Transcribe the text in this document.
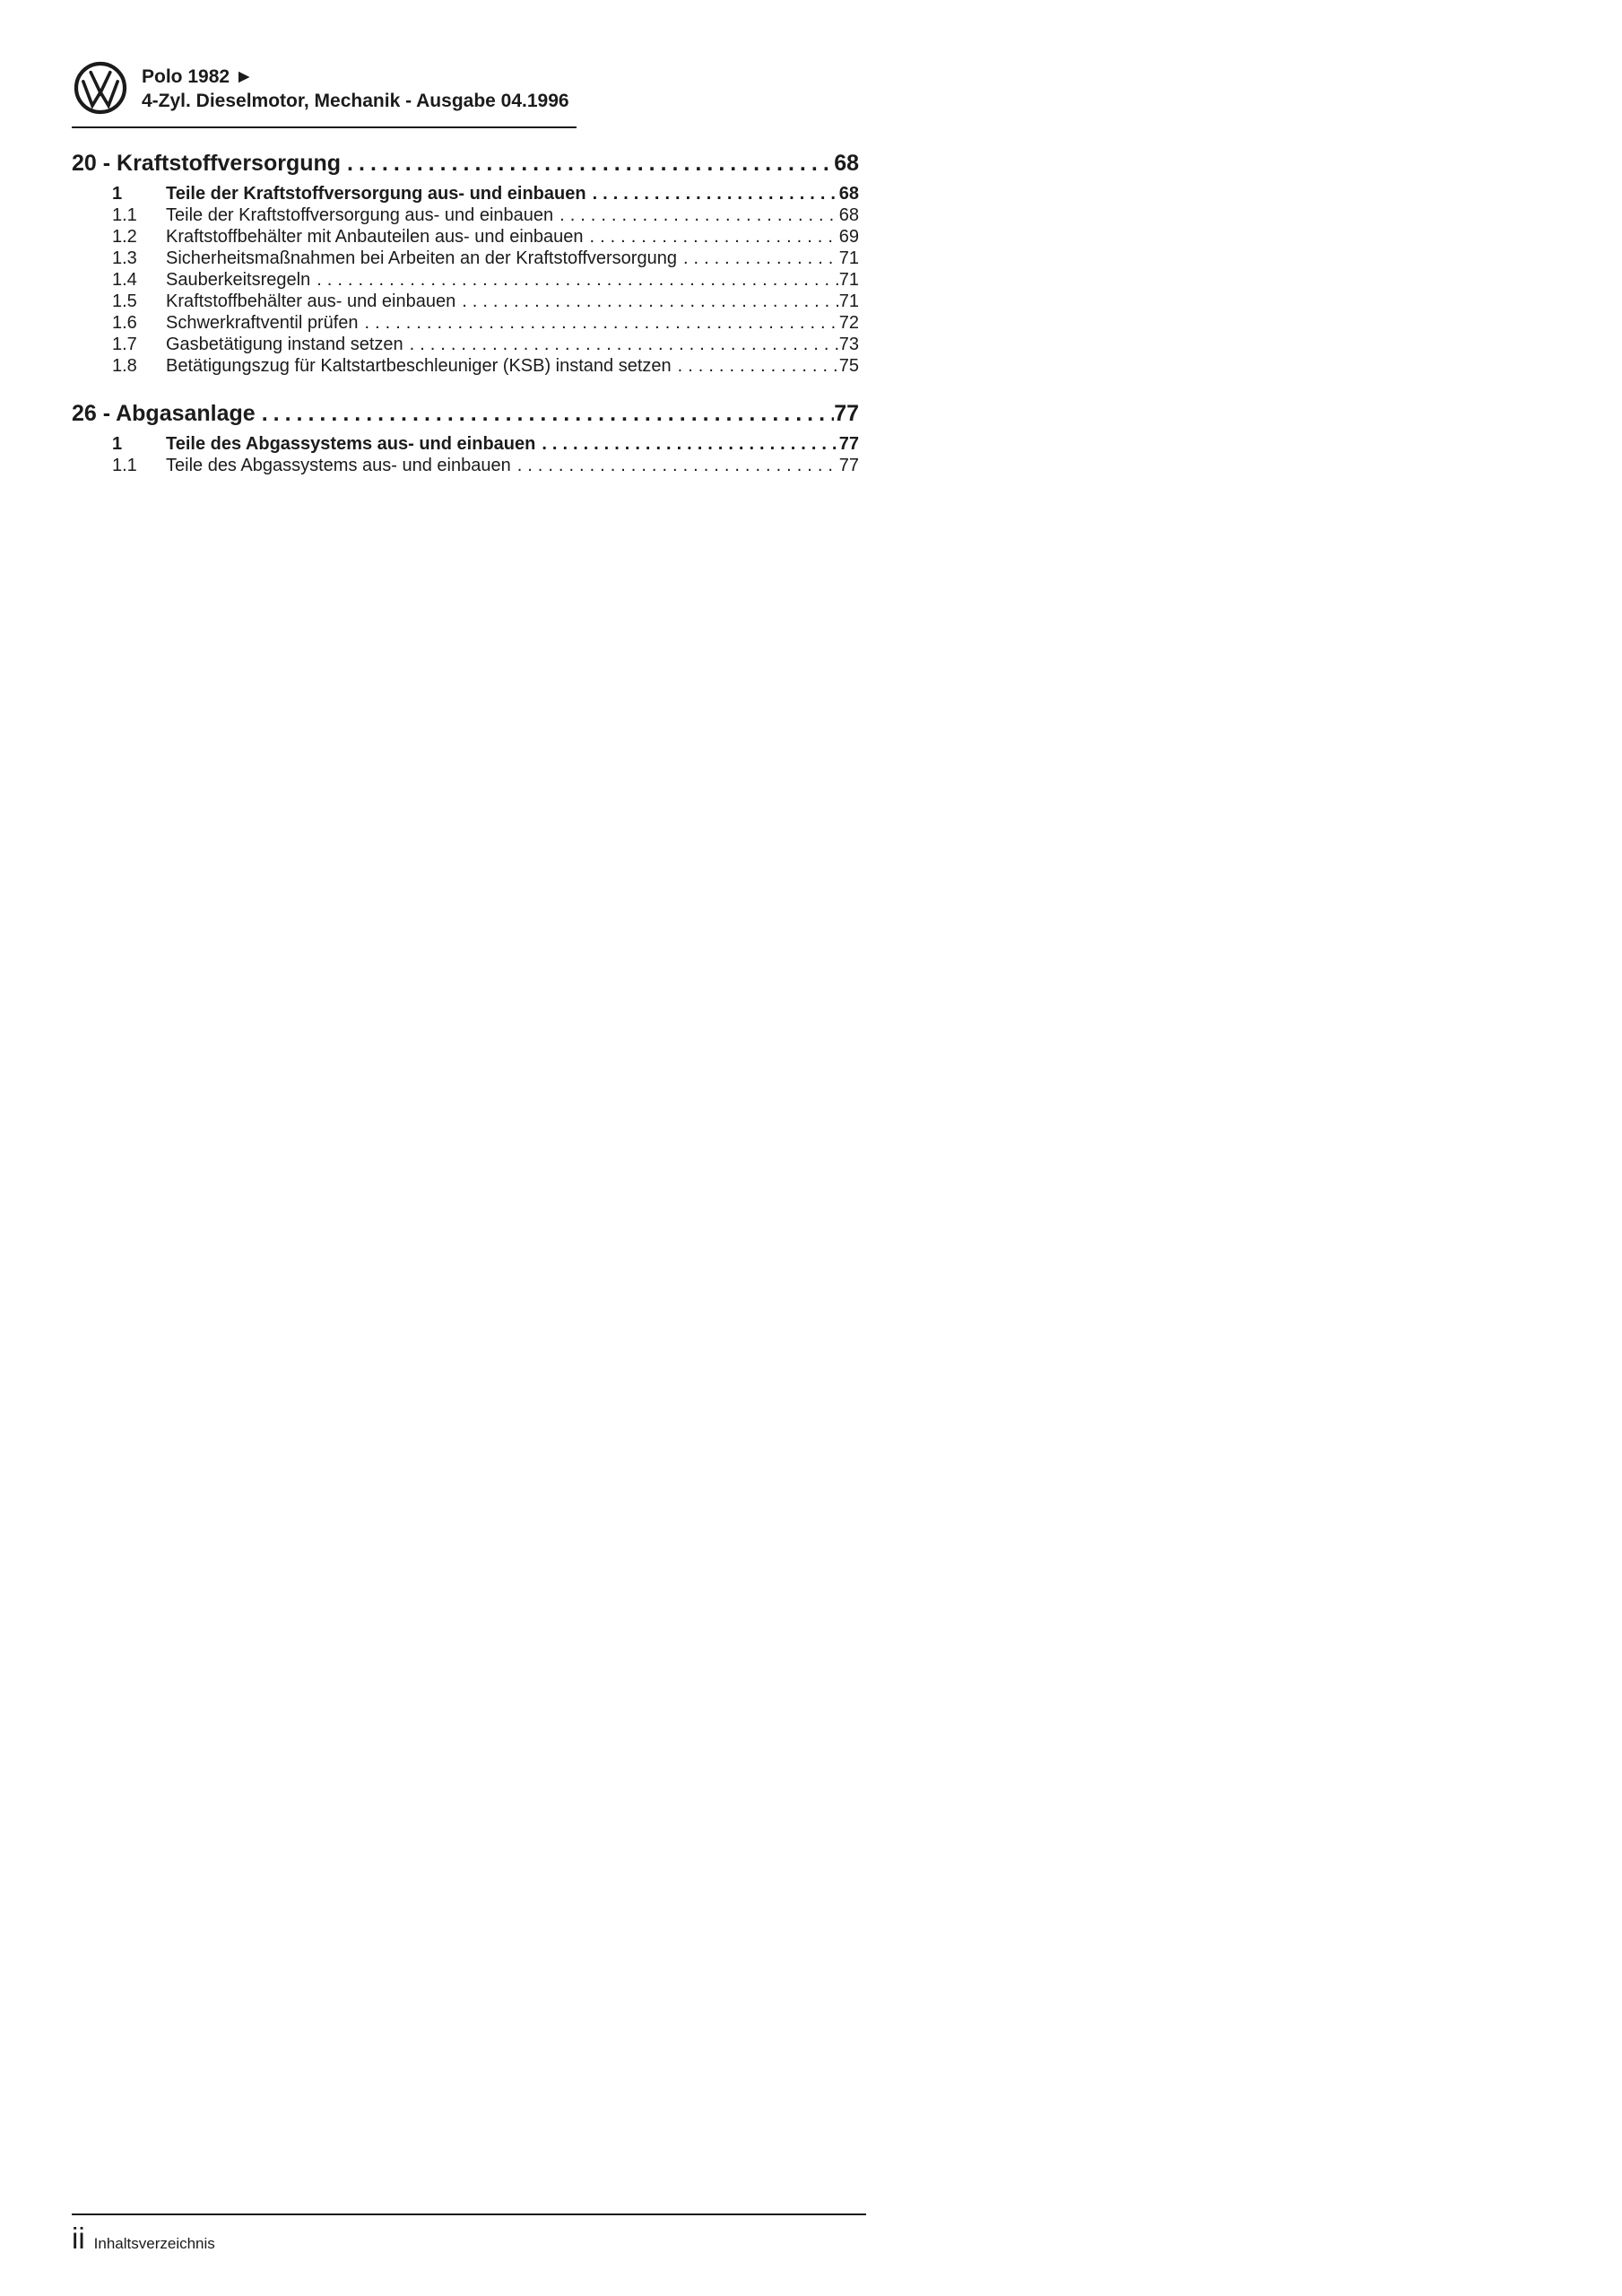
Polo 1982 ►
4-Zyl. Dieselmotor, Mechanik - Ausgabe 04.1996
20 - Kraftstoffversorgung .....	68
1	Teile der Kraftstoffversorgung aus- und einbauen .....	68
1.1	Teile der Kraftstoffversorgung aus- und einbauen .....	68
1.2	Kraftstoffbehälter mit Anbauteilen aus- und einbauen .....	69
1.3	Sicherheitsmaßnahmen bei Arbeiten an der Kraftstoffversorgung .....	71
1.4	Sauberkeitsregeln .....	71
1.5	Kraftstoffbehälter aus- und einbauen .....	71
1.6	Schwerkraftventil prüfen .....	72
1.7	Gasbetätigung instand setzen .....	73
1.8	Betätigungszug für Kaltstartbeschleuniger (KSB) instand setzen .....	75
26 - Abgasanlage .....	77
1	Teile des Abgassystems aus- und einbauen .....	77
1.1	Teile des Abgassystems aus- und einbauen .....	77
ii Inhaltsverzeichnis
